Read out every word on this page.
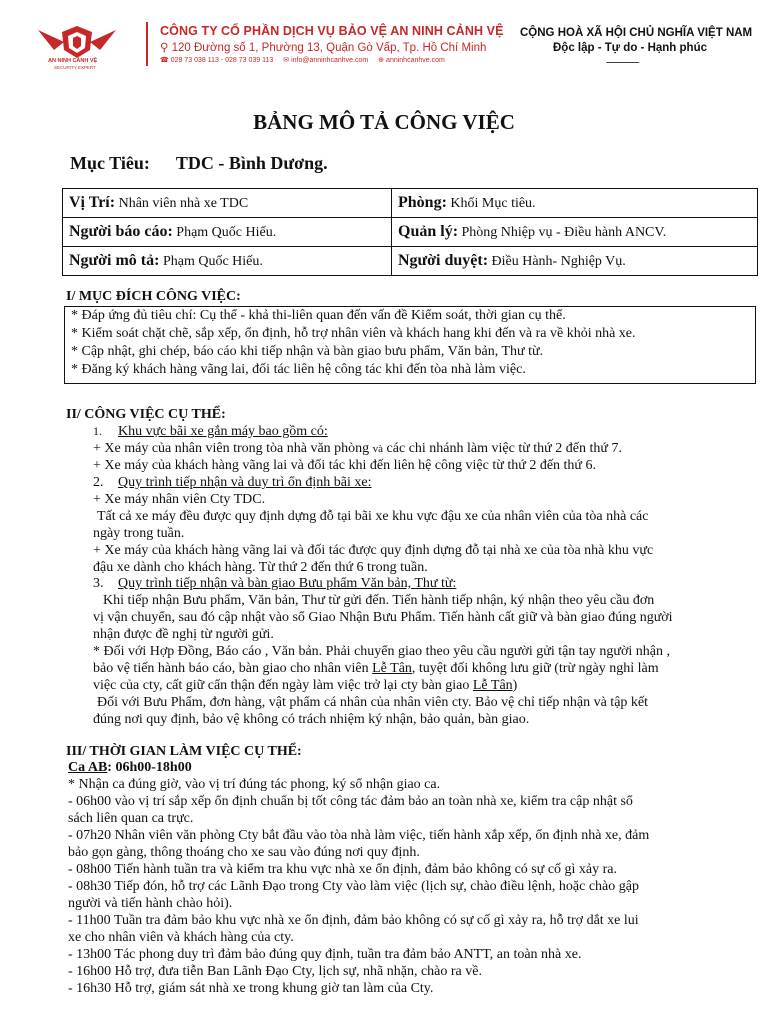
AN NINH CẢNH VỆ
SECURITY EXPERT
CÔNG TY CỔ PHẦN DỊCH VỤ BẢO VỆ AN NINH CẢNH VỆ
⚲ 120 Đường số 1, Phường 13, Quận Gò Vấp, Tp. Hồ Chí Minh
☎ 028 73 038 113 - 028 73 039 113 ✉ info@anninhcanhve.com ⊕ anninhcanhve.com
CỘNG HOÀ XÃ HỘI CHỦ NGHĨA VIỆT NAM
Độc lập - Tự do - Hạnh phúc
--------------
BẢNG MÔ TẢ CÔNG VIỆC
Mục Tiêu: TDC - Bình Dương.
Vị Trí: Nhân viên nhà xe TDC	Phòng: Khối Mục tiêu.
Người báo cáo: Phạm Quốc Hiếu.	Quản lý: Phòng Nhiệp vụ - Điều hành ANCV.
Người mô tả: Phạm Quốc Hiếu.	Người duyệt: Điều Hành- Nghiệp Vụ.
I/ MỤC ĐÍCH CÔNG VIỆC:
* Đáp ứng đủ tiêu chí: Cụ thể - khả thi-liên quan đến vấn đề Kiểm soát, thời gian cụ thể.
* Kiểm soát chặt chẽ, sắp xếp, ổn định, hỗ trợ nhân viên và khách hang khi đến và ra về khỏi nhà xe.
* Cập nhật, ghi chép, báo cáo khi tiếp nhận và bàn giao bưu phẩm, Văn bản, Thư từ.
* Đăng ký khách hàng vãng lai, đối tác liên hệ công tác khi đến tòa nhà làm việc.
II/ CÔNG VIỆC CỤ THỂ:
1. Khu vực bãi xe gắn máy bao gồm có:
+ Xe máy của nhân viên trong tòa nhà văn phòng và các chi nhánh làm việc từ thứ 2 đến thứ 7.
+ Xe máy của khách hàng vãng lai và đối tác khi đến liên hệ công việc từ thứ 2 đến thứ 6.
2. Quy trình tiếp nhận và duy trì ổn định bãi xe:
+ Xe máy nhân viên Cty TDC.
Tất cả xe máy đều được quy định dựng đỗ tại bãi xe khu vực đậu xe của nhân viên của tòa nhà các
ngày trong tuần.
+ Xe máy của khách hàng vãng lai và đối tác được quy định dựng đỗ tại nhà xe của tòa nhà khu vực
đậu xe dành cho khách hàng. Từ thứ 2 đến thứ 6 trong tuần.
3. Quy trình tiếp nhận và bàn giao Bưu phẩm Văn bản, Thư từ:
Khi tiếp nhận Bưu phẩm, Văn bản, Thư từ gửi đến. Tiến hành tiếp nhận, ký nhận theo yêu cầu đơn
vị vận chuyển, sau đó cập nhật vào sổ Giao Nhận Bưu Phẩm. Tiến hành cất giữ và bàn giao đúng người
nhận được đề nghị từ người gửi.
* Đối với Hợp Đồng, Báo cáo , Văn bản. Phải chuyển giao theo yêu cầu người gửi tận tay người nhận ,
bảo vệ tiến hành báo cáo, bàn giao cho nhân viên Lễ Tân, tuyệt đối không lưu giữ (trừ ngày nghỉ làm
việc của cty, cất giữ cẩn thận đến ngày làm việc trở lại cty bàn giao Lễ Tân)
Đối với Bưu Phẩm, đơn hàng, vật phẩm cá nhân của nhân viên cty. Bảo vệ chỉ tiếp nhận và tập kết
đúng nơi quy định, bảo vệ không có trách nhiệm ký nhận, bảo quản, bàn giao.
III/ THỜI GIAN LÀM VIỆC CỤ THỂ:
Ca AB: 06h00-18h00
* Nhận ca đúng giờ, vào vị trí đúng tác phong, ký sổ nhận giao ca.
- 06h00 vào vị trí sắp xếp ổn định chuẩn bị tốt công tác đảm bảo an toàn nhà xe, kiểm tra cập nhật sổ
sách liên quan ca trực.
- 07h20 Nhân viên văn phòng Cty bắt đầu vào tòa nhà làm việc, tiến hành xắp xếp, ổn định nhà xe, đảm
bảo gọn gàng, thông thoáng cho xe sau vào đúng nơi quy định.
- 08h00 Tiến hành tuần tra và kiểm tra khu vực nhà xe ổn định, đảm bảo không có sự cố gì xảy ra.
- 08h30 Tiếp đón, hỗ trợ các Lãnh Đạo trong Cty vào làm việc (lịch sự, chào điều lệnh, hoặc chào gập
người và tiến hành chào hỏi).
- 11h00 Tuần tra đảm bảo khu vực nhà xe ổn định, đảm bảo không có sự cố gì xảy ra, hỗ trợ dắt xe lui
xe cho nhân viên và khách hàng của cty.
- 13h00 Tác phong duy trì đảm bảo đúng quy định, tuần tra đảm bảo ANTT, an toàn nhà xe.
- 16h00 Hỗ trợ, đưa tiễn Ban Lãnh Đạo Cty, lịch sự, nhã nhặn, chào ra về.
- 16h30 Hỗ trợ, giám sát nhà xe trong khung giờ tan làm của Cty.
